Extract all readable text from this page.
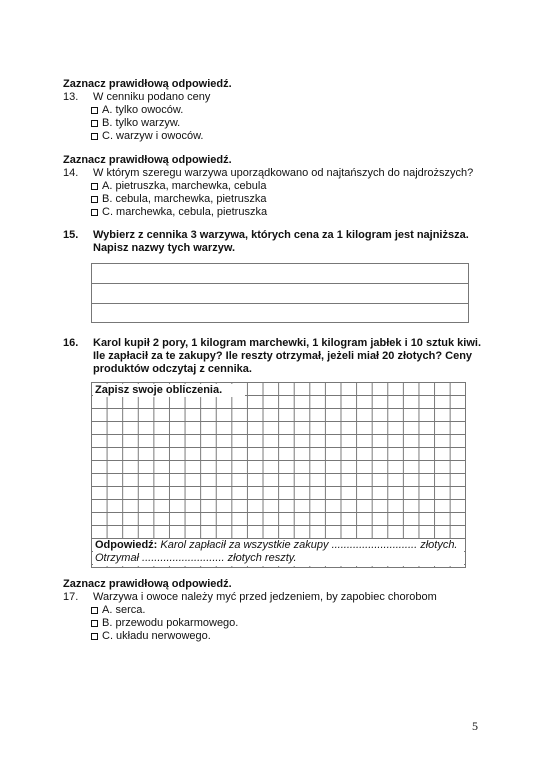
Zaznacz prawidłową odpowiedź.
13. W cenniku podano ceny
A. tylko owoców.
B. tylko warzyw.
C. warzyw i owoców.
Zaznacz prawidłową odpowiedź.
14. W którym szeregu warzywa uporządkowano od najtańszych do najdroższych?
A. pietruszka, marchewka, cebula
B. cebula, marchewka, pietruszka
C. marchewka, cebula, pietruszka
15. Wybierz z cennika 3 warzywa, których cena za 1 kilogram jest najniższa.
Napisz nazwy tych warzyw.
16. Karol kupił 2 pory, 1 kilogram marchewki, 1 kilogram jabłek i 10 sztuk kiwi.
Ile zapłacił za te zakupy? Ile reszty otrzymał, jeżeli miał 20 złotych? Ceny
produktów odczytaj z cennika.
Zapisz swoje obliczenia.
Odpowiedź: Karol zapłacił za wszystkie zakupy ............................ złotych.
Otrzymał ........................... złotych reszty.
Zaznacz prawidłową odpowiedź.
17. Warzywa i owoce należy myć przed jedzeniem, by zapobiec chorobom
A. serca.
B. przewodu pokarmowego.
C. układu nerwowego.
5
